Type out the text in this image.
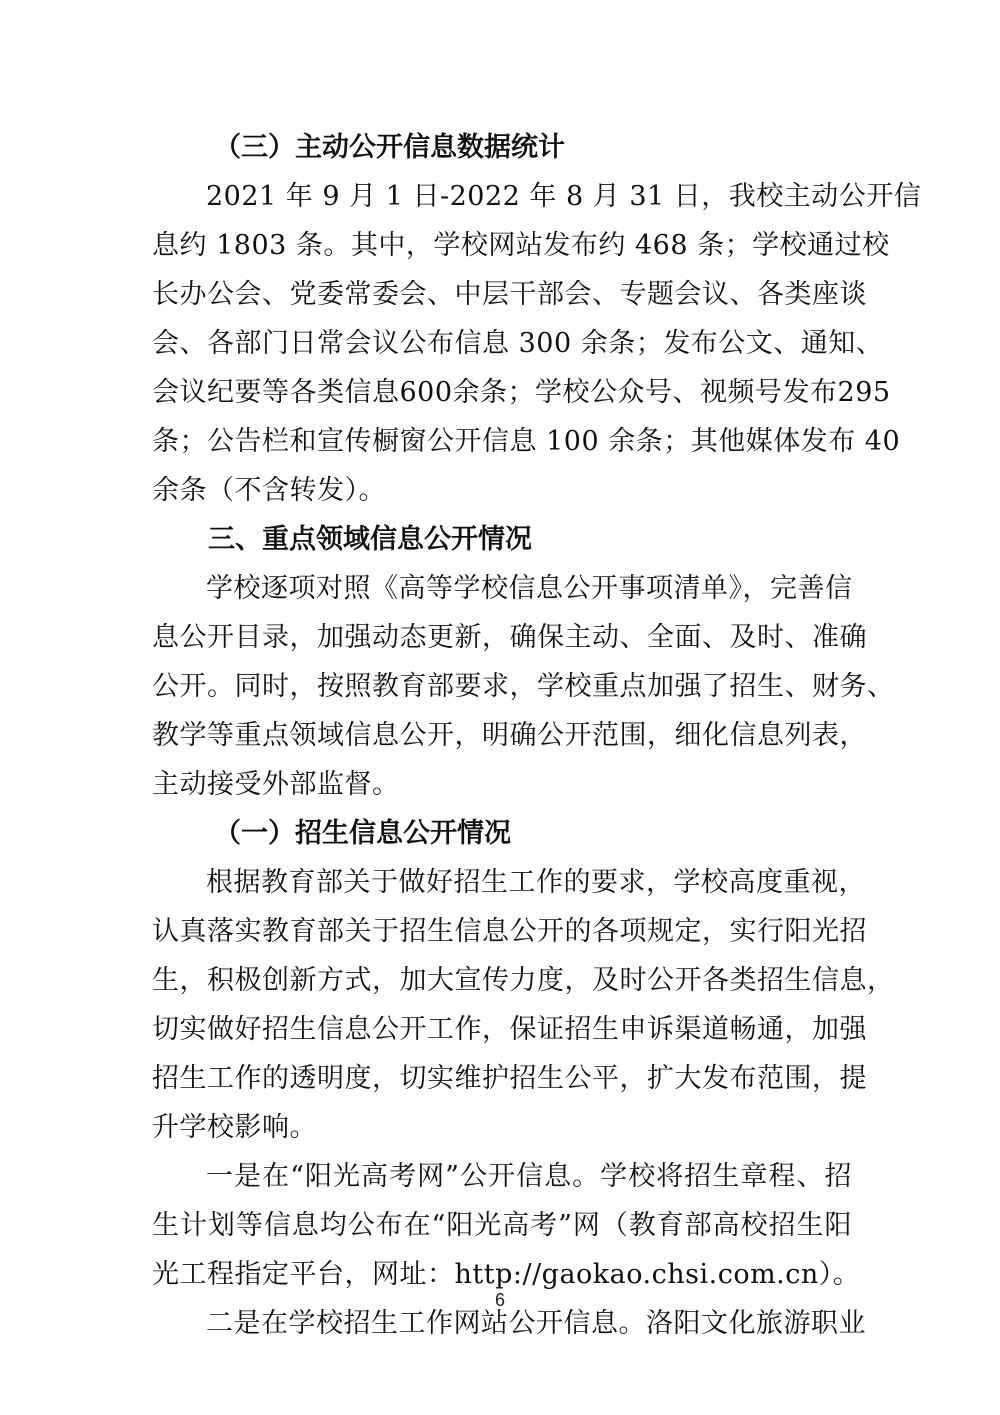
（三）主动公开信息数据统计
2021 年 9 月 1 日-2022 年 8 月 31 日，我校主动公开信
息约 1803 条。其中，学校网站发布约 468 条；学校通过校
长办公会、党委常委会、中层干部会、专题会议、各类座谈
会、各部门日常会议公布信息 300 余条；发布公文、通知、
会议纪要等各类信息600余条；学校公众号、视频号发布295
条；公告栏和宣传橱窗公开信息 100 余条；其他媒体发布 40
余条（不含转发）。
三、重点领域信息公开情况
学校逐项对照《高等学校信息公开事项清单》，完善信
息公开目录，加强动态更新，确保主动、全面、及时、准确
公开。同时，按照教育部要求，学校重点加强了招生、财务、
教学等重点领域信息公开，明确公开范围，细化信息列表，
主动接受外部监督。
（一）招生信息公开情况
根据教育部关于做好招生工作的要求，学校高度重视，
认真落实教育部关于招生信息公开的各项规定，实行阳光招
生，积极创新方式，加大宣传力度，及时公开各类招生信息，
切实做好招生信息公开工作，保证招生申诉渠道畅通，加强
招生工作的透明度，切实维护招生公平，扩大发布范围，提
升学校影响。
一是在“阳光高考网”公开信息。学校将招生章程、招
生计划等信息均公布在“阳光高考”网（教育部高校招生阳
光工程指定平台，网址：http://gaokao.chsi.com.cn）。
二是在学校招生工作网站公开信息。洛阳文化旅游职业
6
